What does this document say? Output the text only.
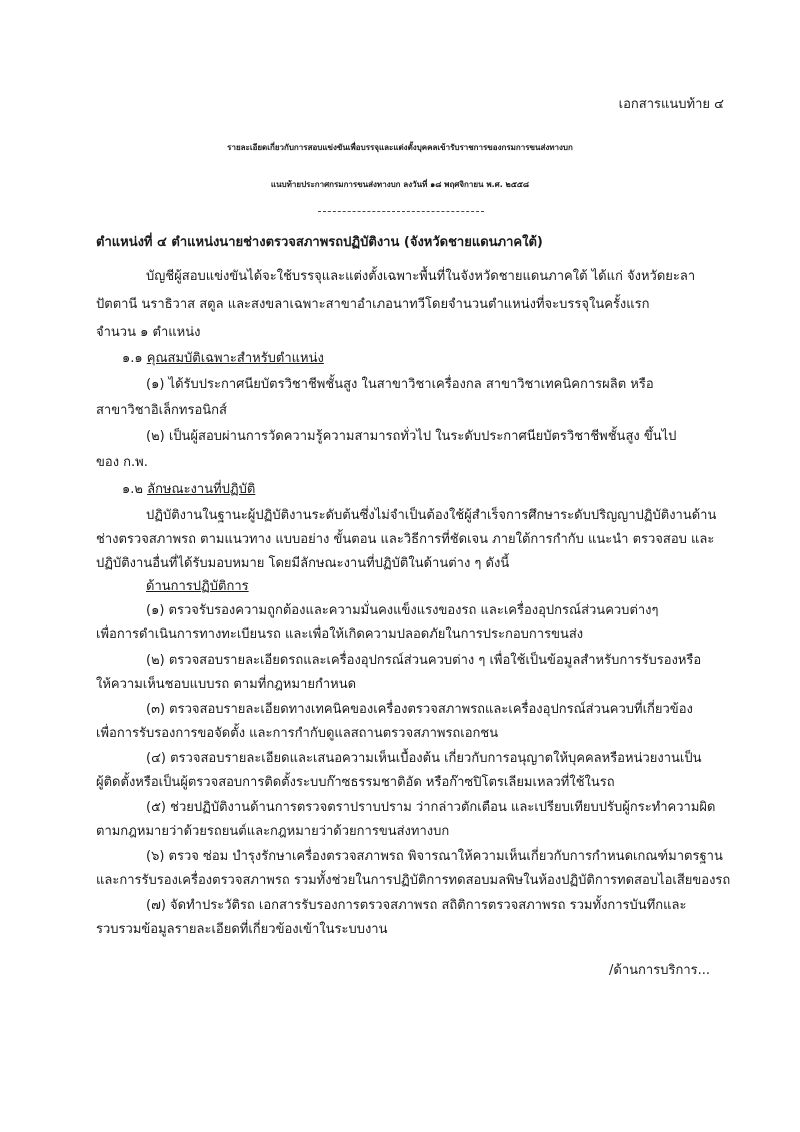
เอกสารแนบท้าย ๔
รายละเอียดเกี่ยวกับการสอบแข่งขันเพื่อบรรจุและแต่งตั้งบุคคลเข้ารับราชการของกรมการขนส่งทางบก
แนบท้ายประกาศกรมการขนส่งทางบก ลงวันที่ ๑๘ พฤศจิกายน พ.ศ. ๒๕๕๘
ตำแหน่งที่ ๔ ตำแหน่งนายช่างตรวจสภาพรถปฏิบัติงาน (จังหวัดชายแดนภาคใต้)
บัญชีผู้สอบแข่งขันได้จะใช้บรรจุและแต่งตั้งเฉพาะพื้นที่ในจังหวัดชายแดนภาคใต้ ได้แก่ จังหวัดยะลา
ปัตตานี นราธิวาส สตูล และสงขลาเฉพาะสาขาอำเภอนาทวีโดยจำนวนตำแหน่งที่จะบรรจุในครั้งแรก
จำนวน ๑ ตำแหน่ง
๑.๑ คุณสมบัติเฉพาะสำหรับตำแหน่ง
(๑) ได้รับประกาศนียบัตรวิชาชีพชั้นสูง ในสาขาวิชาเครื่องกล สาขาวิชาเทคนิคการผลิต หรือ
สาขาวิชาอิเล็กทรอนิกส์
(๒) เป็นผู้สอบผ่านการวัดความรู้ความสามารถทั่วไป ในระดับประกาศนียบัตรวิชาชีพชั้นสูง ขึ้นไป
ของ ก.พ.
๑.๒ ลักษณะงานที่ปฏิบัติ
ปฏิบัติงานในฐานะผู้ปฏิบัติงานระดับต้นซึ่งไม่จำเป็นต้องใช้ผู้สำเร็จการศึกษาระดับปริญญาปฏิบัติงานด้าน
ช่างตรวจสภาพรถ ตามแนวทาง แบบอย่าง ขั้นตอน และวิธีการที่ชัดเจน ภายใต้การกำกับ แนะนำ ตรวจสอบ และ
ปฏิบัติงานอื่นที่ได้รับมอบหมาย โดยมีลักษณะงานที่ปฏิบัติในด้านต่าง ๆ ดังนี้
ด้านการปฏิบัติการ
(๑) ตรวจรับรองความถูกต้องและความมั่นคงแข็งแรงของรถ และเครื่องอุปกรณ์ส่วนควบต่างๆ
เพื่อการดำเนินการทางทะเบียนรถ และเพื่อให้เกิดความปลอดภัยในการประกอบการขนส่ง
(๒) ตรวจสอบรายละเอียดรถและเครื่องอุปกรณ์ส่วนควบต่าง ๆ เพื่อใช้เป็นข้อมูลสำหรับการรับรองหรือ
ให้ความเห็นชอบแบบรถ ตามที่กฎหมายกำหนด
(๓) ตรวจสอบรายละเอียดทางเทคนิคของเครื่องตรวจสภาพรถและเครื่องอุปกรณ์ส่วนควบที่เกี่ยวข้อง
เพื่อการรับรองการขอจัดตั้ง และการกำกับดูแลสถานตรวจสภาพรถเอกชน
(๔) ตรวจสอบรายละเอียดและเสนอความเห็นเบื้องต้น เกี่ยวกับการอนุญาตให้บุคคลหรือหน่วยงานเป็น
ผู้ติดตั้งหรือเป็นผู้ตรวจสอบการติดตั้งระบบก๊าซธรรมชาติอัด หรือก๊าซปิโตรเลียมเหลวที่ใช้ในรถ
(๕) ช่วยปฏิบัติงานด้านการตรวจตราปราบปราม ว่ากล่าวตักเตือน และเปรียบเทียบปรับผู้กระทำความผิด
ตามกฎหมายว่าด้วยรถยนต์และกฎหมายว่าด้วยการขนส่งทางบก
(๖) ตรวจ ซ่อม บำรุงรักษาเครื่องตรวจสภาพรถ พิจารณาให้ความเห็นเกี่ยวกับการกำหนดเกณฑ์มาตรฐาน
และการรับรองเครื่องตรวจสภาพรถ รวมทั้งช่วยในการปฏิบัติการทดสอบมลพิษในห้องปฏิบัติการทดสอบไอเสียของรถ
(๗) จัดทำประวัติรถ เอกสารรับรองการตรวจสภาพรถ สถิติการตรวจสภาพรถ รวมทั้งการบันทึกและ
รวบรวมข้อมูลรายละเอียดที่เกี่ยวข้องเข้าในระบบงาน
/ด้านการบริการ...
